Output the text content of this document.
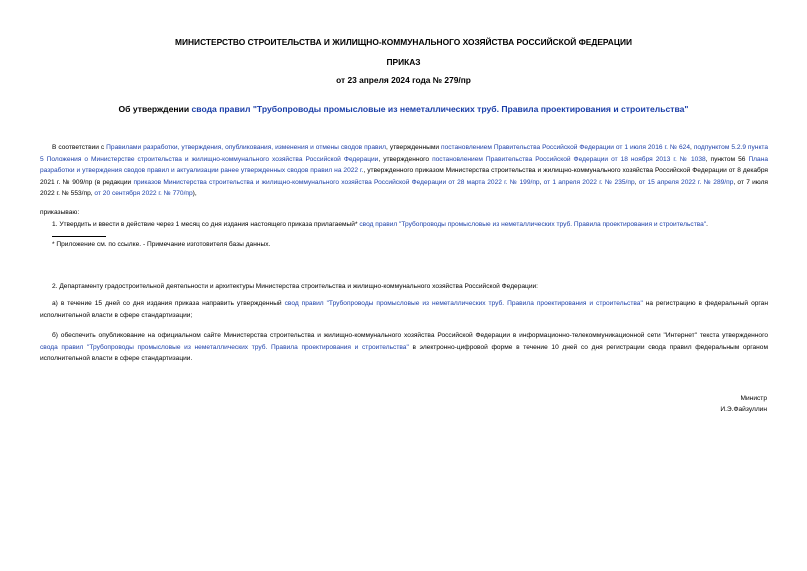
МИНИСТЕРСТВО СТРОИТЕЛЬСТВА И ЖИЛИЩНО-КОММУНАЛЬНОГО ХОЗЯЙСТВА РОССИЙСКОЙ ФЕДЕРАЦИИ
ПРИКАЗ
от 23 апреля 2024 года № 279/пр
Об утверждении свода правил "Трубопроводы промысловые из неметаллических труб. Правила проектирования и строительства"
В соответствии с Правилами разработки, утверждения, опубликования, изменения и отмены сводов правил, утвержденными постановлением Правительства Российской Федерации от 1 июля 2016 г. № 624, подпунктом 5.2.9 пункта 5 Положения о Министерстве строительства и жилищно-коммунального хозяйства Российской Федерации, утвержденного постановлением Правительства Российской Федерации от 18 ноября 2013 г. № 1038, пунктом 56 Плана разработки и утверждения сводов правил и актуализации ранее утвержденных сводов правил на 2022 г., утвержденного приказом Министерства строительства и жилищно-коммунального хозяйства Российской Федерации от 8 декабря 2021 г. № 909/пр (в редакции приказов Министерства строительства и жилищно-коммунального хозяйства Российской Федерации от 28 марта 2022 г. № 199/пр, от 1 апреля 2022 г. № 235/пр, от 15 апреля 2022 г. № 289/пр, от 7 июля 2022 г. № 553/пр, от 20 сентября 2022 г. № 770/пр),
приказываю:
1. Утвердить и ввести в действие через 1 месяц со дня издания настоящего приказа прилагаемый* свод правил "Трубопроводы промысловые из неметаллических труб. Правила проектирования и строительства".
* Приложение см. по ссылке. - Примечание изготовителя базы данных.
2. Департаменту градостроительной деятельности и архитектуры Министерства строительства и жилищно-коммунального хозяйства Российской Федерации:
а) в течение 15 дней со дня издания приказа направить утвержденный свод правил "Трубопроводы промысловые из неметаллических труб. Правила проектирования и строительства" на регистрацию в федеральный орган исполнительной власти в сфере стандартизации;
б) обеспечить опубликование на официальном сайте Министерства строительства и жилищно-коммунального хозяйства Российской Федерации в информационно-телекоммуникационной сети "Интернет" текста утвержденного свода правил "Трубопроводы промысловые из неметаллических труб. Правила проектирования и строительства" в электронно-цифровой форме в течение 10 дней со дня регистрации свода правил федеральным органом исполнительной власти в сфере стандартизации.
Министр
И.Э.Файзуллин
